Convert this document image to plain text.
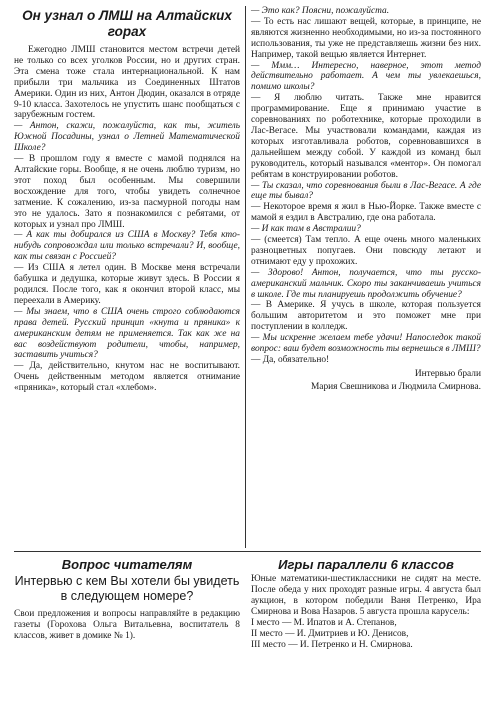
Он узнал о ЛМШ на Алтайских горах

Ежегодно ЛМШ становится местом встречи детей не только со всех уголков России, но и других стран. Эта смена тоже стала интернациональной. К нам прибыли три мальчика из Соединенных Штатов Америки. Один из них, Антон Дюдин, оказался в отряде 9-10 класса. Захотелось не упустить шанс пообщаться с зарубежным гостем.

— Антон, скажи, пожалуйста, как ты, житель Южной Посадины, узнал о Летней Математической Школе?

— В прошлом году я вместе с мамой поднялся на Алтайские горы. Вообще, я не очень люблю туризм, но этот поход был особенным. Мы совершили восхождение для того, чтобы увидеть солнечное затмение. К сожалению, из-за пасмурной погоды нам это не удалось. Зато я познакомился с ребятами, от которых и узнал про ЛМШ.

— А как ты добирался из США в Москву? Тебя кто-нибудь сопровождал или только встречали? И, вообще, как ты связан с Россией?

— Из США я летел один. В Москве меня встречали бабушка и дедушка, которые живут здесь. В России я родился. После того, как я окончил второй класс, мы переехали в Америку.

— Мы знаем, что в США очень строго соблюдаются права детей. Русский принцип «кнута и пряника» к американским детям не применяется. Так как же на вас воздействуют родители, чтобы, например, заставить учиться?

— Да, действительно, кнутом нас не воспитывают. Очень действенным методом является отнимание «пряника», который стал «хлебом».

— Это как? Поясни, пожалуйста.

— То есть нас лишают вещей, которые, в принципе, не являются жизненно необходимыми, но из-за постоянного использования, ты уже не представляешь жизни без них. Например, такой вещью является Интернет.

— Ммм… Интересно, наверное, этот метод действительно работает. А чем ты увлекаешься, помимо школы?

— Я люблю читать. Также мне нравится программирование. Еще я принимаю участие в соревнованиях по роботехнике, которые проходили в Лас-Вегасе. Мы участвовали командами, каждая из которых изготавливала роботов, соревновавшихся в дальнейшем между собой. У каждой из команд был руководитель, который назывался «ментор». Он помогал ребятам в конструировании роботов.

— Ты сказал, что соревнования были в Лас-Вегасе. А где еще ты бывал?

— Некоторое время я жил в Нью-Йорке. Также вместе с мамой я ездил в Австралию, где она работала.

— И как там в Австралии?

— (смеется) Там тепло. А еще очень много маленьких разноцветных попугаев. Они повсюду летают и отнимают еду у прохожих.

— Здорово! Антон, получается, что ты русско-американский мальчик. Скоро ты заканчиваешь учиться в школе. Где ты планируешь продолжить обучение?

— В Америке. Я учусь в школе, которая пользуется большим авторитетом и это поможет мне при поступлении в колледж.

— Мы искренне желаем тебе удачи! Напоследок такой вопрос: ваш будет возможность ты вернешься в ЛМШ?

— Да, обязательно!

Интервью брали

Мария Свешникова и Людмила Смирнова.

Вопрос читателям
Интервью с кем Вы хотели бы увидеть в следующем номере?

Свои предложения и вопросы направляйте в редакцию газеты (Горохова Ольга Витальевна, воспитатель 8 классов, живет в домике № 1).

Игры параллели 6 классов

Юные математики-шестиклассники не сидят на месте. После обеда у них проходят разные игры. 4 августа был аукцион, в котором победили Ваня Петренко, Ира Смирнова и Вова Назаров. 5 августа прошла карусель:

I место — М. Ипатов и А. Степанов,

II место — И. Дмитриев и Ю. Денисов,

III место — И. Петренко и Н. Смирнова.
